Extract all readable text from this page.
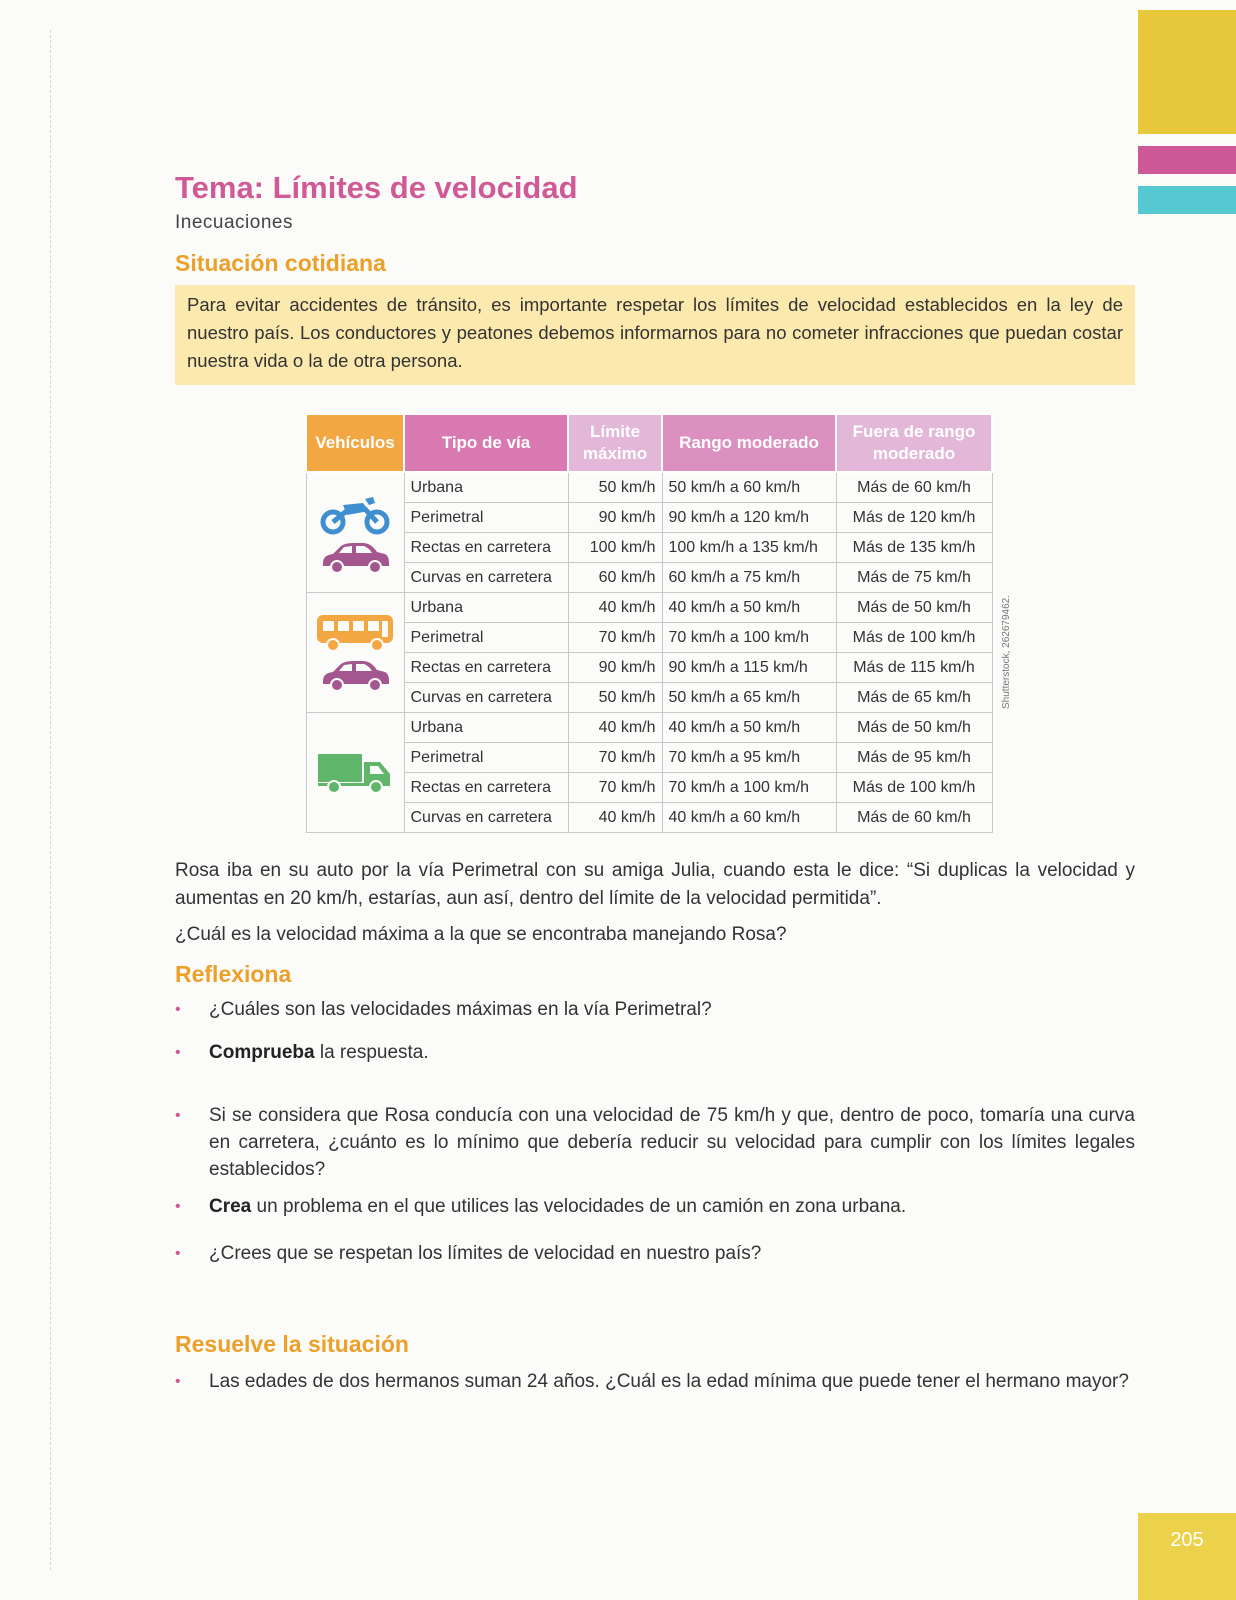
205
Tema: Límites de velocidad
Inecuaciones
Situación cotidiana
Para evitar accidentes de tránsito, es importante respetar los límites de velocidad establecidos en la ley de nuestro país. Los conductores y peatones debemos informarnos para no cometer infracciones que puedan costar nuestra vida o la de otra persona.
Vehículos	Tipo de vía	Límite máximo	Rango moderado	Fuera de rango moderado

	Urbana	50 km/h	50 km/h a 60 km/h	Más de 60 km/h
	Perimetral	90 km/h	90 km/h a 120 km/h	Más de 120 km/h
	Rectas en carretera	100 km/h	100 km/h a 135 km/h	Más de 135 km/h
	Curvas en carretera	60 km/h	60 km/h a 75 km/h	Más de 75 km/h

	Urbana	40 km/h	40 km/h a 50 km/h	Más de 50 km/h
	Perimetral	70 km/h	70 km/h a 100 km/h	Más de 100 km/h
	Rectas en carretera	90 km/h	90 km/h a 115 km/h	Más de 115 km/h
	Curvas en carretera	50 km/h	50 km/h a 65 km/h	Más de 65 km/h

	Urbana	40 km/h	40 km/h a 50 km/h	Más de 50 km/h
	Perimetral	70 km/h	70 km/h a 95 km/h	Más de 95 km/h
	Rectas en carretera	70 km/h	70 km/h a 100 km/h	Más de 100 km/h
	Curvas en carretera	40 km/h	40 km/h a 60 km/h	Más de 60 km/h
Shutterstock, 262679462.

Rosa iba en su auto por la vía Perimetral con su amiga Julia, cuando esta le dice: “Si duplicas la velocidad y aumentas en 20 km/h, estarías, aun así, dentro del límite de la velocidad permitida”.

¿Cuál es la velocidad máxima a la que se encontraba manejando Rosa?

Reflexiona
• ¿Cuáles son las velocidades máximas en la vía Perimetral?
• Comprueba la respuesta.
• Si se considera que Rosa conducía con una velocidad de 75 km/h y que, dentro de poco, tomaría una curva en carretera, ¿cuánto es lo mínimo que debería reducir su velocidad para cumplir con los límites legales establecidos?
• Crea un problema en el que utilices las velocidades de un camión en zona urbana.
• ¿Crees que se respetan los límites de velocidad en nuestro país?
Resuelve la situación
• Las edades de dos hermanos suman 24 años. ¿Cuál es la edad mínima que puede tener el hermano mayor?
